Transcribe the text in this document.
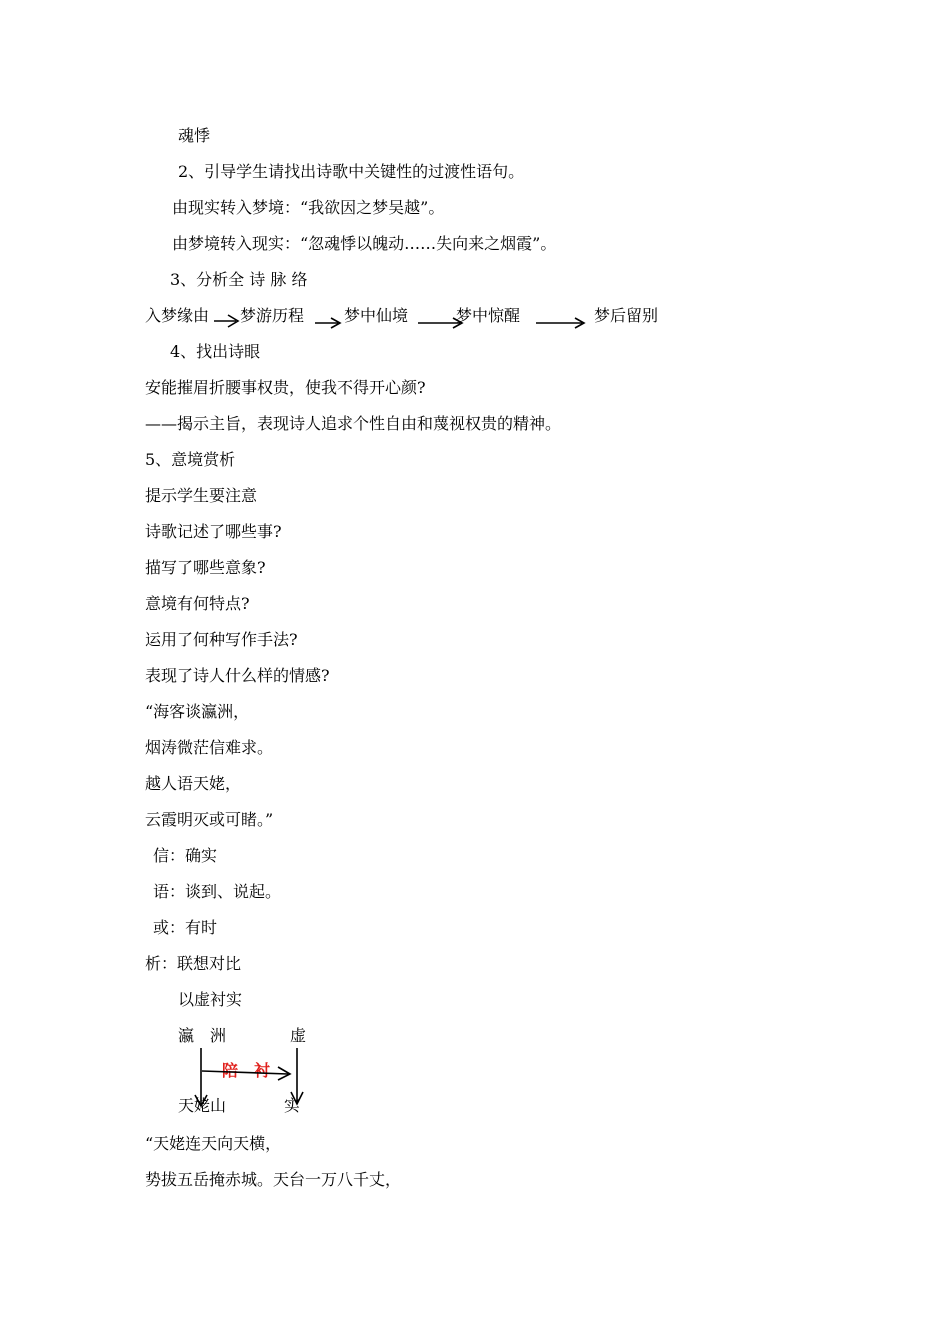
魂悸
2、引导学生请找出诗歌中关键性的过渡性语句。
由现实转入梦境：“我欲因之梦吴越”。
由梦境转入现实：“忽魂悸以魄动……失向来之烟霞”。
3、分析全 诗 脉 络
入梦缘由 梦游历程 梦中仙境	梦中惊醒	梦后留别
4、找出诗眼
安能摧眉折腰事权贵，使我不得开心颜?
——揭示主旨，表现诗人追求个性自由和蔑视权贵的精神。
5、意境赏析
提示学生要注意
诗歌记述了哪些事?
描写了哪些意象?
意境有何特点?
运用了何种写作手法?
表现了诗人什么样的情感?
“海客谈瀛洲，
烟涛微茫信难求。
越人语天姥，
云霞明灭或可睹。”
信：确实
语：谈到、说起。
或：有时
析：联想对比
以虚衬实
瀛　洲	虚
陪　衬
天姥山	实
“天姥连天向天横，
势拔五岳掩赤城。天台一万八千丈，
